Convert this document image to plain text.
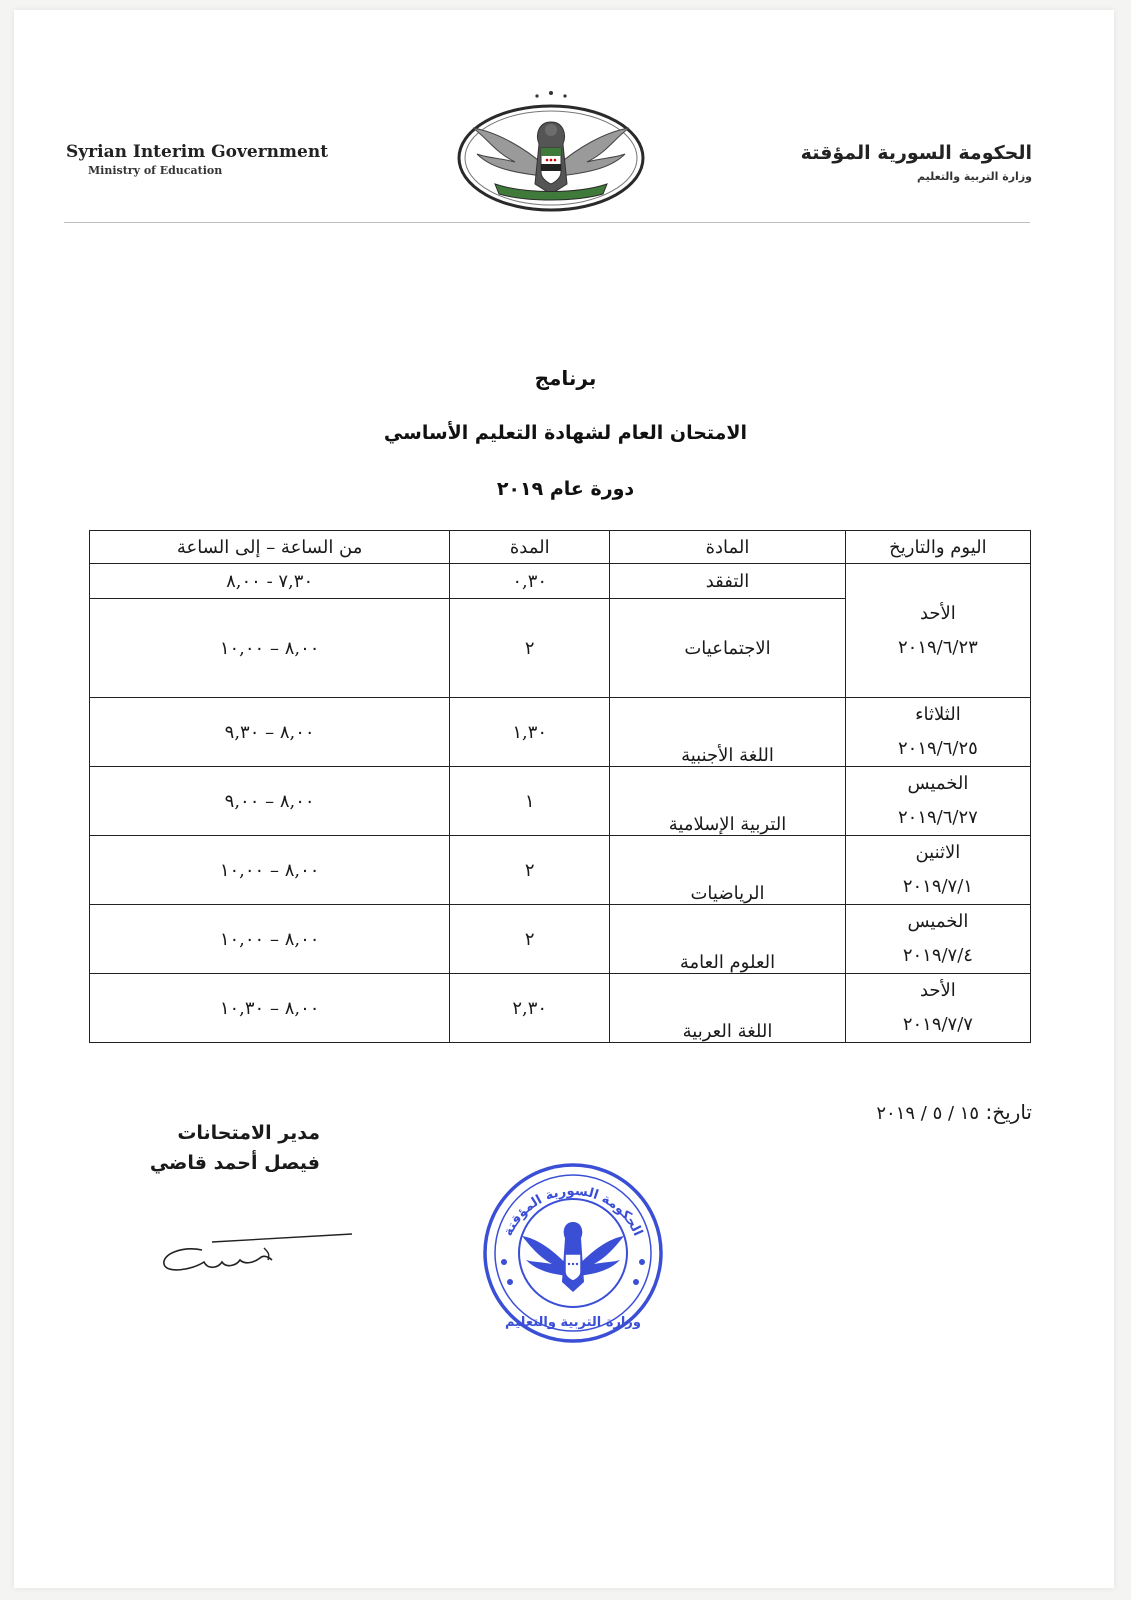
Syrian Interim Government
Ministry of Education
الحكومة السورية المؤقتة
وزارة التربية والتعليم
برنامج
الامتحان العام لشهادة التعليم الأساسي
دورة عام ٢٠١٩
اليوم والتاريخ	المادة	المدة	من الساعة – إلى الساعة

الأحد
٢٠١٩/٦/٢٣	التفقد	٠,٣٠	٧,٣٠ - ٨,٠٠
	الاجتماعيات	٢	٨,٠٠ – ١٠,٠٠

الثلاثاء
٢٠١٩/٦/٢٥	اللغة الأجنبية	١,٣٠	٨,٠٠ – ٩,٣٠

الخميس
٢٠١٩/٦/٢٧	التربية الإسلامية	١	٨,٠٠ – ٩,٠٠

الاثنين
٢٠١٩/٧/١	الرياضيات	٢	٨,٠٠ – ١٠,٠٠

الخميس
٢٠١٩/٧/٤	العلوم العامة	٢	٨,٠٠ – ١٠,٠٠

الأحد
٢٠١٩/٧/٧	اللغة العربية	٢,٣٠	٨,٠٠ – ١٠,٣٠
تاريخ: ١٥ / ٥ / ٢٠١٩
مدير الامتحانات
فيصل أحمد قاضي
الحكومة السورية المؤقتة
وزارة التربية والتعليم
